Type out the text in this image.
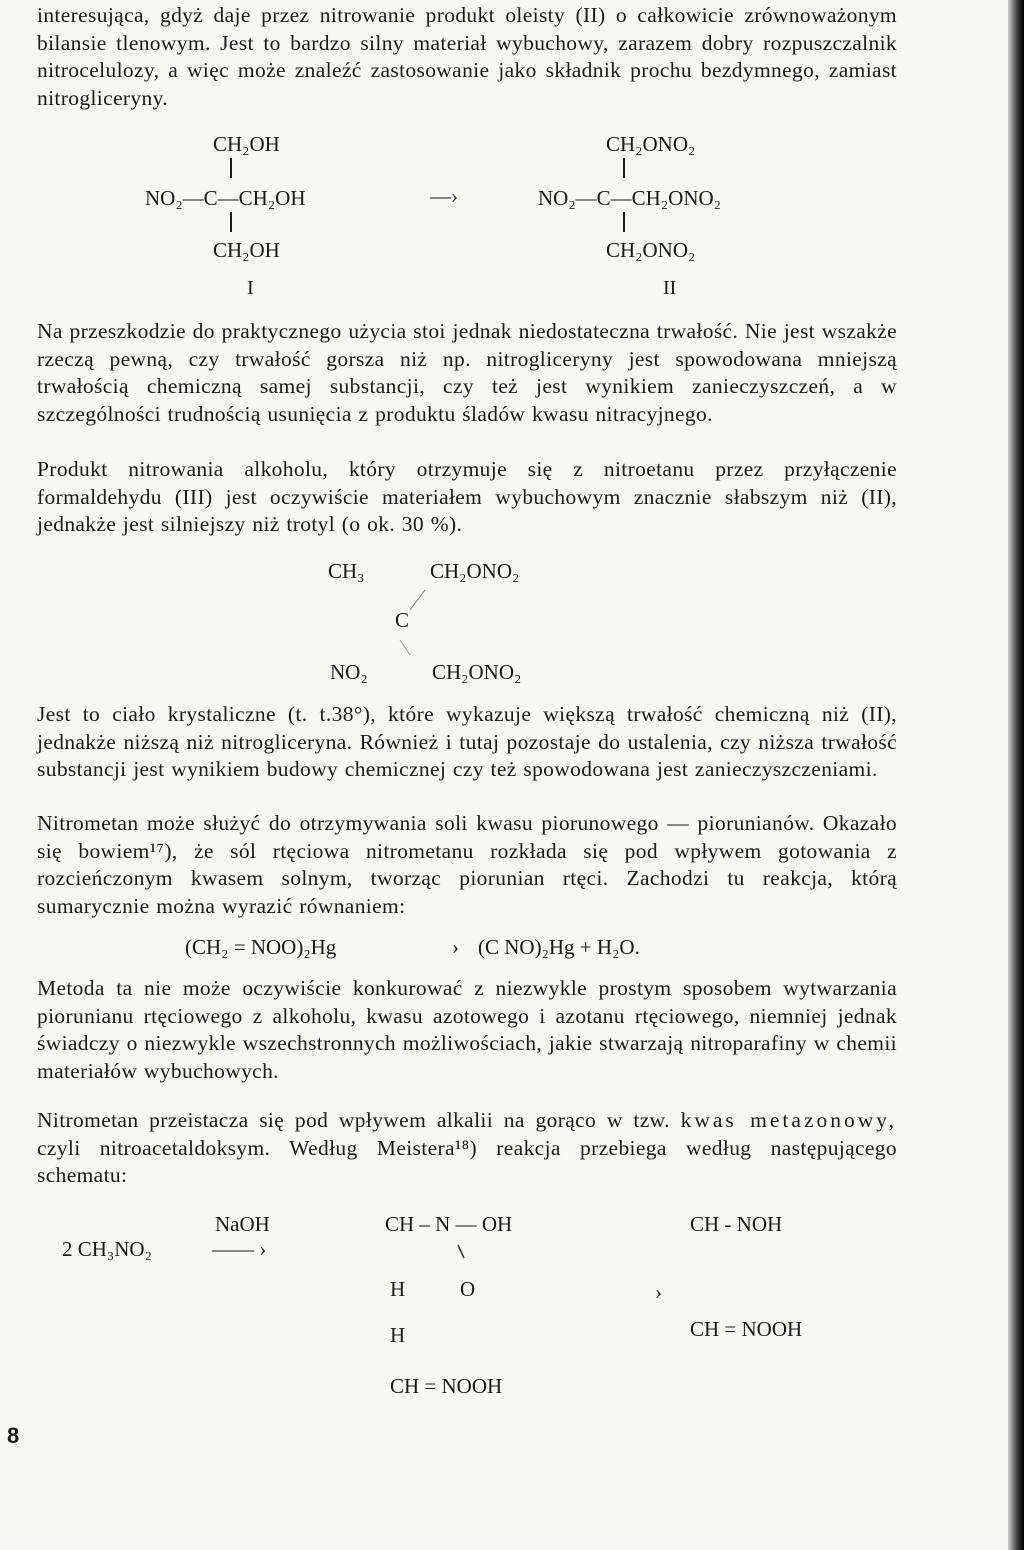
interesująca, gdyż daje przez nitrowanie produkt oleisty (II) o całkowicie zrównoważonym bilansie tlenowym. Jest to bardzo silny materiał wybuchowy, zarazem dobry rozpuszczalnik nitrocelulozy, a więc może znaleźć zastosowanie jako składnik prochu bezdymnego, zamiast nitrogliceryny.

CH₂OH
NO₂—C—CH₂OH
CH₂OH
I
—›
CH₂ONO₂
NO₂—C—CH₂ONO₂
CH₂ONO₂
II

Na przeszkodzie do praktycznego użycia stoi jednak niedostateczna trwałość. Nie jest wszakże rzeczą pewną, czy trwałość gorsza niż np. nitrogliceryny jest spowodowana mniejszą trwałością chemiczną samej substancji, czy też jest wynikiem zanieczyszczeń, a w szczególności trudnością usunięcia z produktu śladów kwasu nitracyjnego.

Produkt nitrowania alkoholu, który otrzymuje się z nitroetanu przez przyłączenie formaldehydu (III) jest oczywiście materiałem wybuchowym znacznie słabszym niż (II), jednakże jest silniejszy niż trotyl (o ok. 30 %).

CH₃	CH₂ONO₂
C
NO₂	CH₂ONO₂

Jest to ciało krystaliczne (t. t.38°), które wykazuje większą trwałość chemiczną niż (II), jednakże niższą niż nitrogliceryna. Również i tutaj pozostaje do ustalenia, czy niższa trwałość substancji jest wynikiem budowy chemicznej czy też spowodowana jest zanieczyszczeniami.

Nitrometan może służyć do otrzymywania soli kwasu piorunowego — piorunianów. Okazało się bowiem¹⁷), że sól rtęciowa nitrometanu rozkłada się pod wpływem gotowania z rozcieńczonym kwasem solnym, tworząc piorunian rtęci. Zachodzi tu reakcja, którą sumarycznie można wyrazić równaniem:

(CH₂ = NOO)₂Hg	› (C NO)₂Hg + H₂O.

Metoda ta nie może oczywiście konkurować z niezwykle prostym sposobem wytwarzania piorunianu rtęciowego z alkoholu, kwasu azotowego i azotanu rtęciowego, niemniej jednak świadczy o niezwykle wszechstronnych możliwościach, jakie stwarzają nitroparafiny w chemii materiałów wybuchowych.

Nitrometan przeistacza się pod wpływem alkalii na gorąco w tzw. kwas metazonowy, czyli nitroacetaldoksym. Według Meistera¹⁸) reakcja przebiega według następującego schematu:

NaOH
2 CH₃NO₂	—— ›
CH – N — OH
H	O
H
CH = NOOH
›
CH - NOH
CH = NOOH
8
